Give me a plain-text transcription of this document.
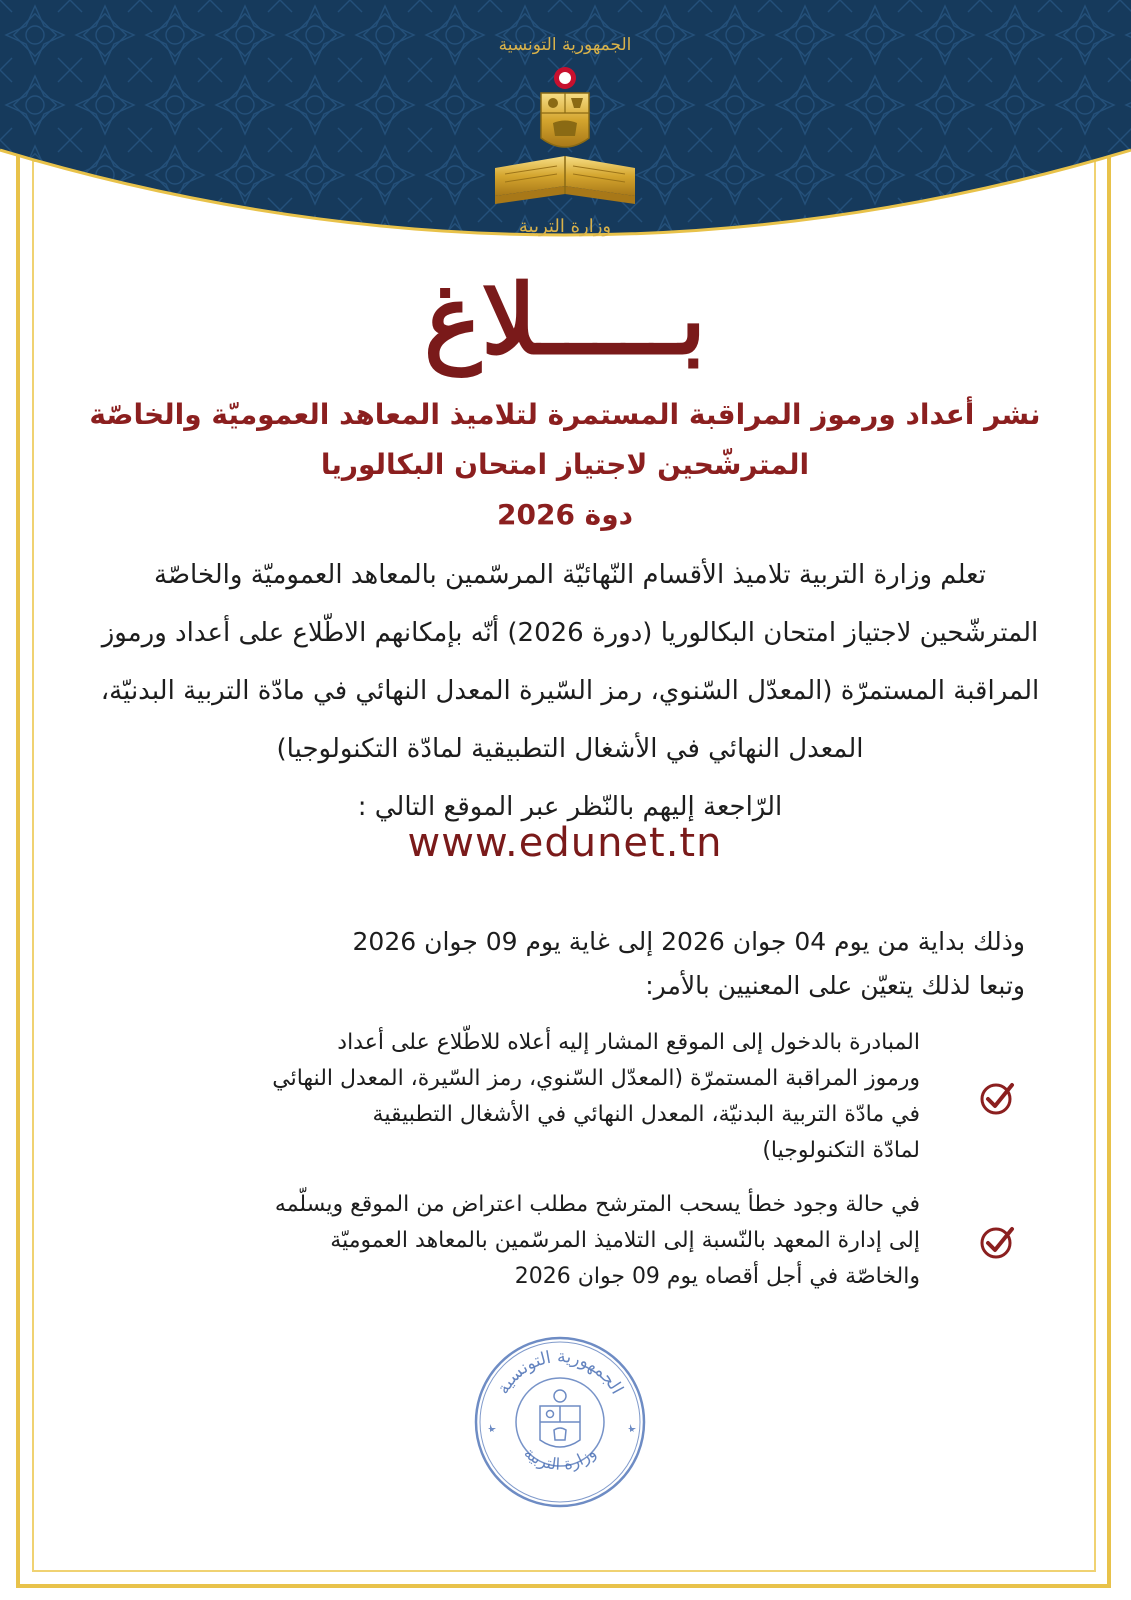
الجمهورية التونسية
وزارة التربية
بـــــلاغ
نشر أعداد ورموز المراقبة المستمرة لتلاميذ المعاهد العموميّة والخاصّة
المترشّحين لاجتياز امتحان البكالوريا
دوة 2026
تعلم وزارة التربية تلاميذ الأقسام النّهائيّة المرسّمين بالمعاهد العموميّة والخاصّة
المترشّحين لاجتياز امتحان البكالوريا (دورة 2026) أنّه بإمكانهم الاطّلاع على أعداد ورموز
المراقبة المستمرّة (المعدّل السّنوي، رمز السّيرة المعدل النهائي في مادّة التربية البدنيّة،
المعدل النهائي في الأشغال التطبيقية لمادّة التكنولوجيا)
الرّاجعة إليهم بالنّظر عبر الموقع التالي :
www.edunet.tn
وذلك بداية من يوم 04 جوان 2026 إلى غاية يوم 09 جوان 2026
وتبعا لذلك يتعيّن على المعنيين بالأمر:
المبادرة بالدخول إلى الموقع المشار إليه أعلاه للاطّلاع على أعداد
ورموز المراقبة المستمرّة (المعدّل السّنوي، رمز السّيرة، المعدل النهائي
في مادّة التربية البدنيّة، المعدل النهائي في الأشغال التطبيقية
لمادّة التكنولوجيا)
في حالة وجود خطأ يسحب المترشح مطلب اعتراض من الموقع ويسلّمه
إلى إدارة المعهد بالنّسبة إلى التلاميذ المرسّمين بالمعاهد العموميّة
والخاصّة في أجل أقصاه يوم 09 جوان 2026
الجمهورية التونسية
وزارة التربية
